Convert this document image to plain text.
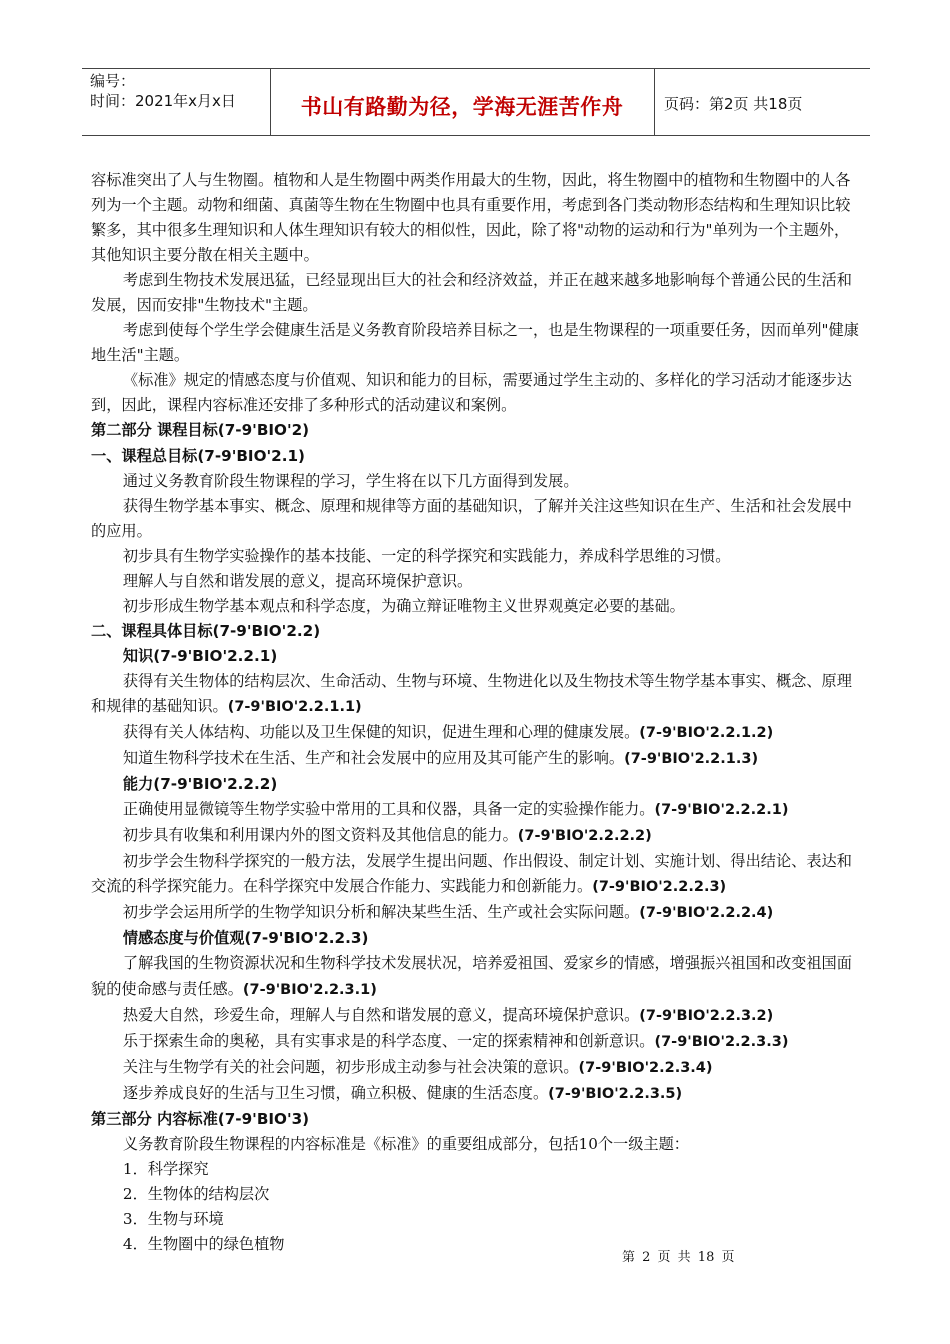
编号：
时间：2021年x月x日	书山有路勤为径，学海无涯苦作舟	页码：第2页 共18页

容标准突出了人与生物圈。植物和人是生物圈中两类作用最大的生物，因此，将生物圈中的植物和生物圈中的人各列为一个主题。动物和细菌、真菌等生物在生物圈中也具有重要作用，考虑到各门类动物形态结构和生理知识比较繁多，其中很多生理知识和人体生理知识有较大的相似性，因此，除了将"动物的运动和行为"单列为一个主题外，其他知识主要分散在相关主题中。

考虑到生物技术发展迅猛，已经显现出巨大的社会和经济效益，并正在越来越多地影响每个普通公民的生活和发展，因而安排"生物技术"主题。

考虑到使每个学生学会健康生活是义务教育阶段培养目标之一，也是生物课程的一项重要任务，因而单列"健康地生活"主题。

《标准》规定的情感态度与价值观、知识和能力的目标，需要通过学生主动的、多样化的学习活动才能逐步达到，因此，课程内容标准还安排了多种形式的活动建议和案例。

第二部分 课程目标(7-9'BIO'2)

一、课程总目标(7-9'BIO'2.1)

通过义务教育阶段生物课程的学习，学生将在以下几方面得到发展。

获得生物学基本事实、概念、原理和规律等方面的基础知识，了解并关注这些知识在生产、生活和社会发展中的应用。

初步具有生物学实验操作的基本技能、一定的科学探究和实践能力，养成科学思维的习惯。

理解人与自然和谐发展的意义，提高环境保护意识。

初步形成生物学基本观点和科学态度，为确立辩证唯物主义世界观奠定必要的基础。

二、课程具体目标(7-9'BIO'2.2)

知识(7-9'BIO'2.2.1)

获得有关生物体的结构层次、生命活动、生物与环境、生物进化以及生物技术等生物学基本事实、概念、原理和规律的基础知识。(7-9'BIO'2.2.1.1)

获得有关人体结构、功能以及卫生保健的知识，促进生理和心理的健康发展。(7-9'BIO'2.2.1.2)

知道生物科学技术在生活、生产和社会发展中的应用及其可能产生的影响。(7-9'BIO'2.2.1.3)

能力(7-9'BIO'2.2.2)

正确使用显微镜等生物学实验中常用的工具和仪器，具备一定的实验操作能力。(7-9'BIO'2.2.2.1)

初步具有收集和利用课内外的图文资料及其他信息的能力。(7-9'BIO'2.2.2.2)

初步学会生物科学探究的一般方法，发展学生提出问题、作出假设、制定计划、实施计划、得出结论、表达和交流的科学探究能力。在科学探究中发展合作能力、实践能力和创新能力。(7-9'BIO'2.2.2.3)

初步学会运用所学的生物学知识分析和解决某些生活、生产或社会实际问题。(7-9'BIO'2.2.2.4)

情感态度与价值观(7-9'BIO'2.2.3)

了解我国的生物资源状况和生物科学技术发展状况，培养爱祖国、爱家乡的情感，增强振兴祖国和改变祖国面貌的使命感与责任感。(7-9'BIO'2.2.3.1)

热爱大自然，珍爱生命，理解人与自然和谐发展的意义，提高环境保护意识。(7-9'BIO'2.2.3.2)

乐于探索生命的奥秘，具有实事求是的科学态度、一定的探索精神和创新意识。(7-9'BIO'2.2.3.3)

关注与生物学有关的社会问题，初步形成主动参与社会决策的意识。(7-9'BIO'2.2.3.4)

逐步养成良好的生活与卫生习惯，确立积极、健康的生活态度。(7-9'BIO'2.2.3.5)

第三部分 内容标准(7-9'BIO'3)

义务教育阶段生物课程的内容标准是《标准》的重要组成部分，包括10个一级主题：

1．科学探究

2．生物体的结构层次

3．生物与环境

4．生物圈中的绿色植物

第 2 页 共 18 页
